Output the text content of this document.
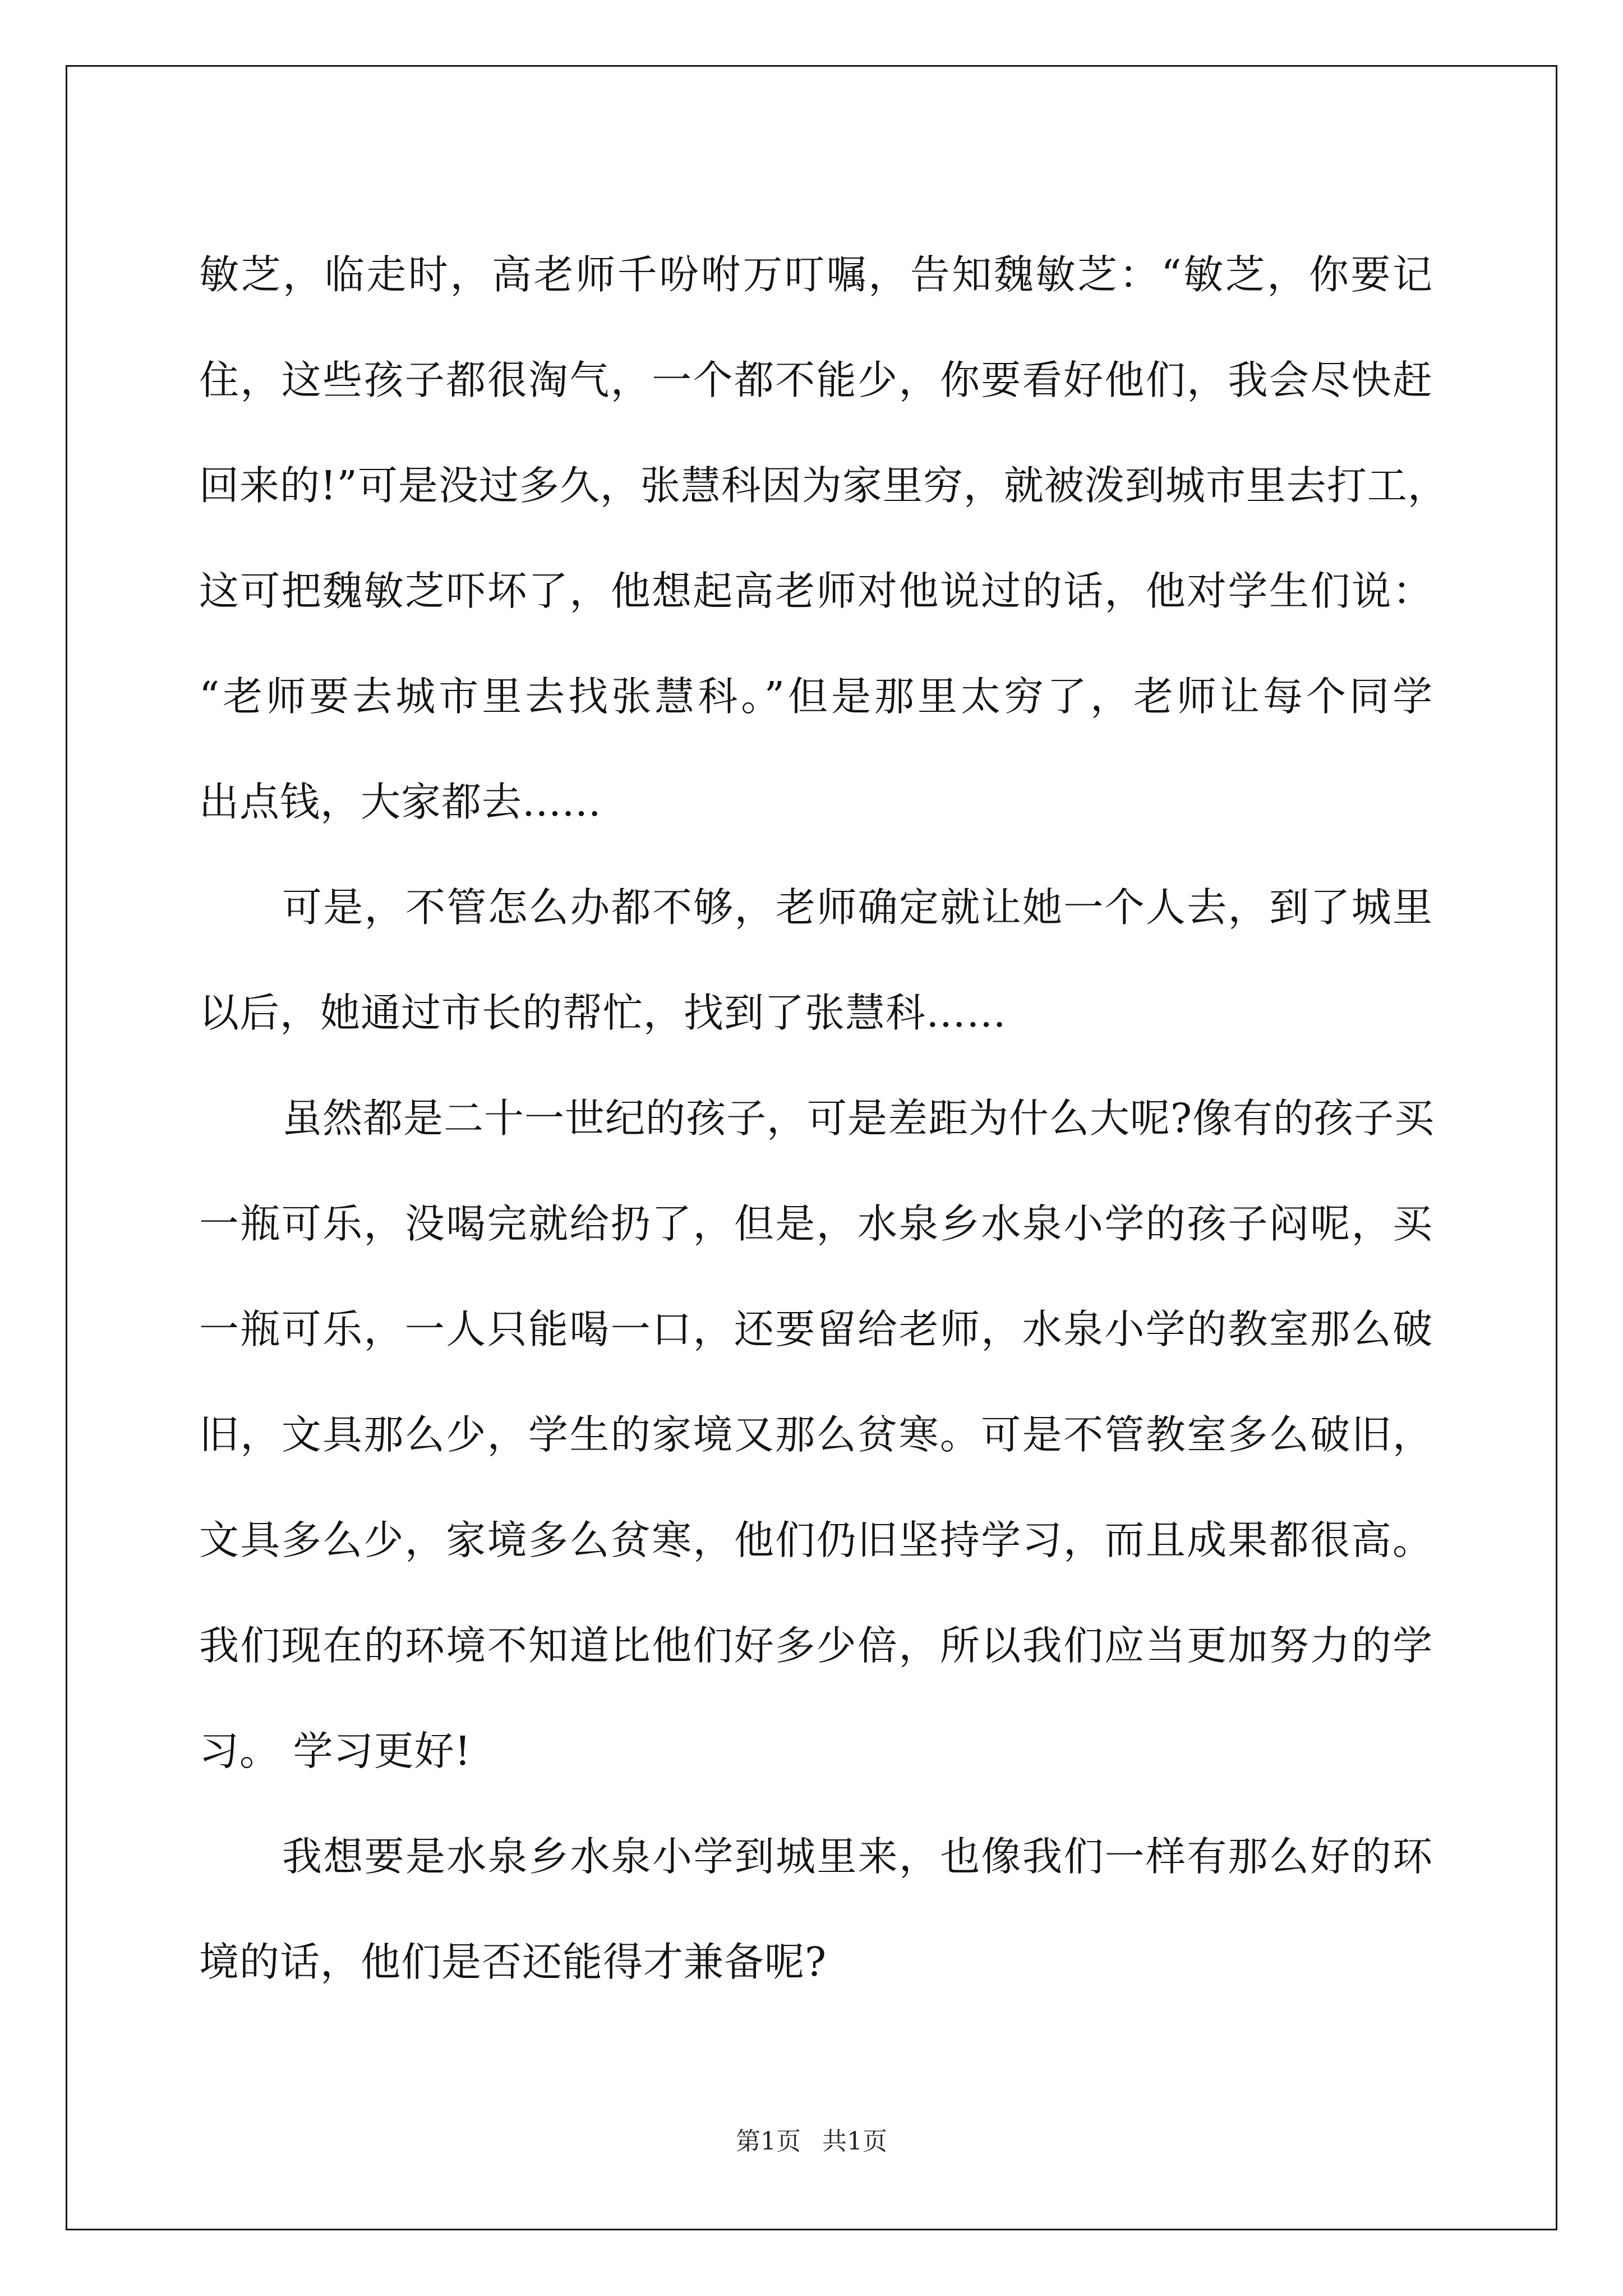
敏芝，临走时，高老师千吩咐万叮嘱，告知魏敏芝：“敏芝，你要记
住，这些孩子都很淘气，一个都不能少，你要看好他们，我会尽快赶
回来的!”可是没过多久，张慧科因为家里穷，就被泼到城市里去打工，
这可把魏敏芝吓坏了，他想起高老师对他说过的话，他对学生们说：
“老师要去城市里去找张慧科。”但是那里太穷了，老师让每个同学
出点钱，大家都去......
可是，不管怎么办都不够，老师确定就让她一个人去，到了城里
以后，她通过市长的帮忙，找到了张慧科……
虽然都是二十一世纪的孩子，可是差距为什么大呢?像有的孩子买
一瓶可乐，没喝完就给扔了，但是，水泉乡水泉小学的孩子闷呢，买
一瓶可乐，一人只能喝一口，还要留给老师，水泉小学的教室那么破
旧，文具那么少，学生的家境又那么贫寒。可是不管教室多么破旧，
文具多么少，家境多么贫寒，他们仍旧坚持学习，而且成果都很高。
我们现在的环境不知道比他们好多少倍，所以我们应当更加努力的学
习。 学习更好!
我想要是水泉乡水泉小学到城里来，也像我们一样有那么好的环
境的话，他们是否还能得才兼备呢?
第1页 共1页
